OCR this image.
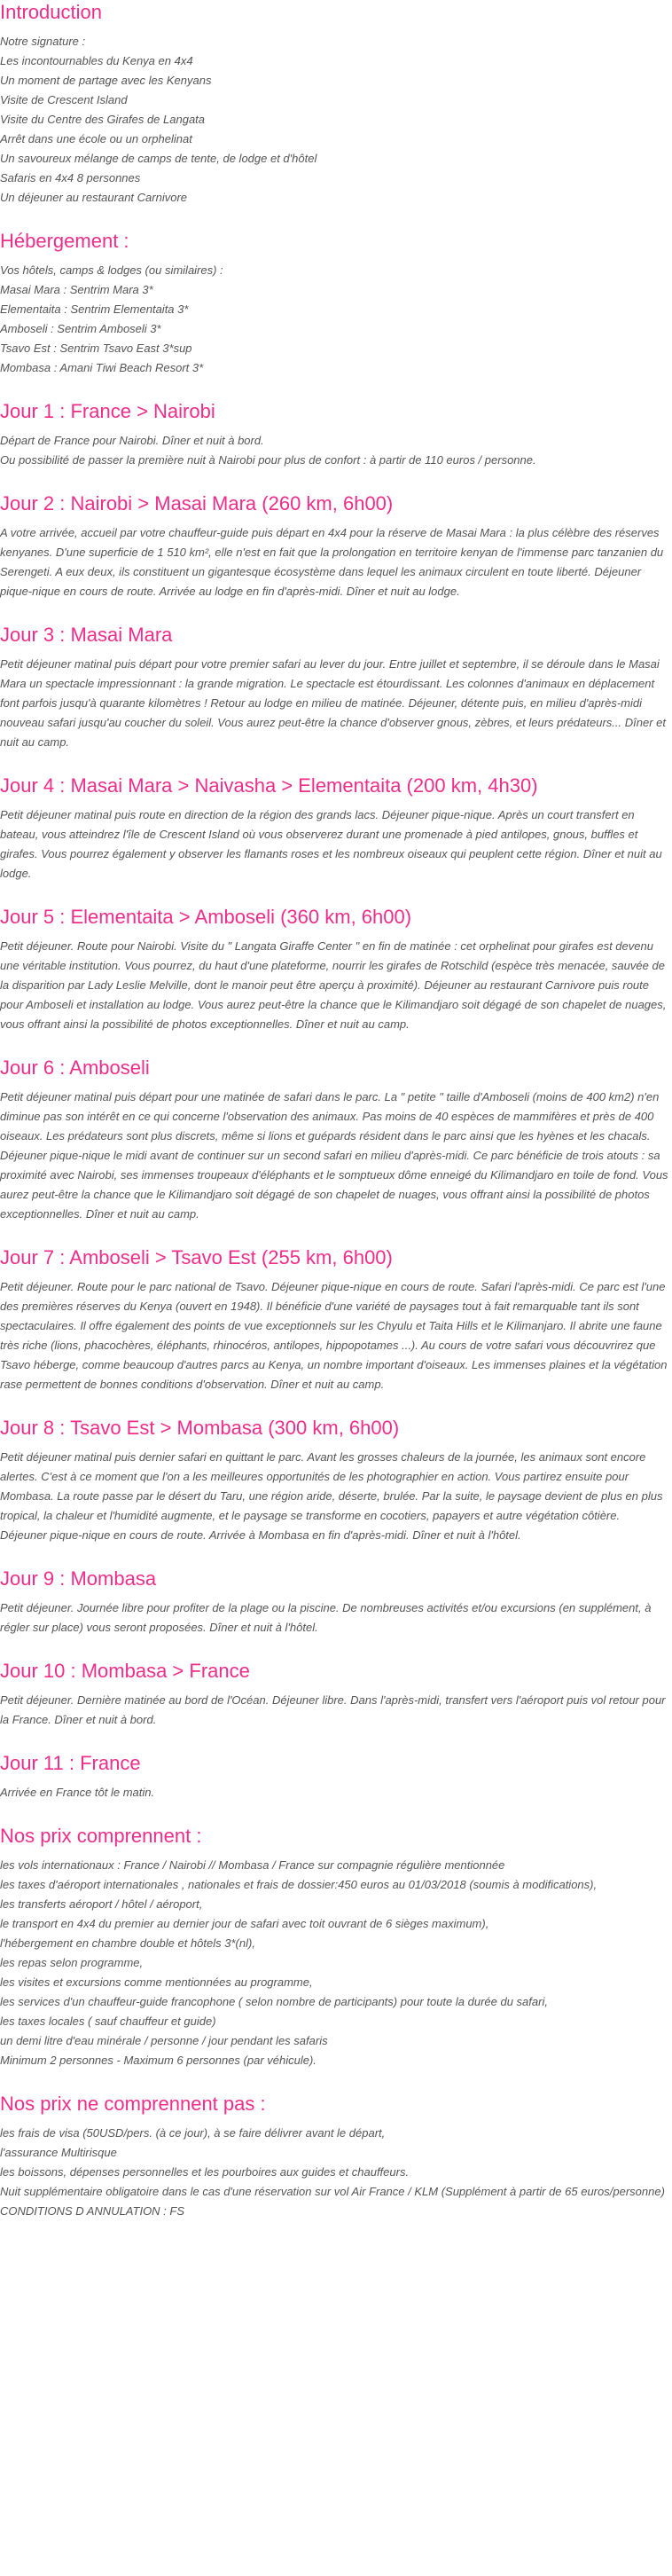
Introduction
Notre signature :
Les incontournables du Kenya en 4x4
Un moment de partage avec les Kenyans
Visite de Crescent Island
Visite du Centre des Girafes de Langata
Arrêt dans une école ou un orphelinat
Un savoureux mélange de camps de tente, de lodge et d'hôtel
Safaris en 4x4 8 personnes
Un déjeuner au restaurant Carnivore
Hébergement :
Vos hôtels, camps & lodges (ou similaires) :
Masai Mara : Sentrim Mara 3*
Elementaita : Sentrim Elementaita 3*
Amboseli : Sentrim Amboseli 3*
Tsavo Est : Sentrim Tsavo East 3*sup
Mombasa : Amani Tiwi Beach Resort 3*
Jour 1 : France > Nairobi
Départ de France pour Nairobi. Dîner et nuit à bord.
Ou possibilité de passer la première nuit à Nairobi pour plus de confort : à partir de 110 euros / personne.
Jour 2 : Nairobi > Masai Mara (260 km, 6h00)
A votre arrivée, accueil par votre chauffeur-guide puis départ en 4x4 pour la réserve de Masai Mara : la plus célèbre des réserves kenyanes. D'une superficie de 1 510 km², elle n'est en fait que la prolongation en territoire kenyan de l'immense parc tanzanien du Serengeti. A eux deux, ils constituent un gigantesque écosystème dans lequel les animaux circulent en toute liberté. Déjeuner pique-nique en cours de route. Arrivée au lodge en fin d'après-midi. Dîner et nuit au lodge.
Jour 3 : Masai Mara
Petit déjeuner matinal puis départ pour votre premier safari au lever du jour. Entre juillet et septembre, il se déroule dans le Masai Mara un spectacle impressionnant : la grande migration. Le spectacle est étourdissant. Les colonnes d'animaux en déplacement font parfois jusqu'à quarante kilomètres ! Retour au lodge en milieu de matinée. Déjeuner, détente puis, en milieu d'après-midi nouveau safari jusqu'au coucher du soleil. Vous aurez peut-être la chance d'observer gnous, zèbres, et leurs prédateurs... Dîner et nuit au camp.
Jour 4 : Masai Mara > Naivasha > Elementaita (200 km, 4h30)
Petit déjeuner matinal puis route en direction de la région des grands lacs. Déjeuner pique-nique. Après un court transfert en bateau, vous atteindrez l'île de Crescent Island où vous observerez durant une promenade à pied antilopes, gnous, buffles et girafes. Vous pourrez également y observer les flamants roses et les nombreux oiseaux qui peuplent cette région. Dîner et nuit au lodge.
Jour 5 : Elementaita > Amboseli (360 km, 6h00)
Petit déjeuner. Route pour Nairobi. Visite du " Langata Giraffe Center " en fin de matinée : cet orphelinat pour girafes est devenu une véritable institution. Vous pourrez, du haut d'une plateforme, nourrir les girafes de Rotschild (espèce très menacée, sauvée de la disparition par Lady Leslie Melville, dont le manoir peut être aperçu à proximité). Déjeuner au restaurant Carnivore puis route pour Amboseli et installation au lodge. Vous aurez peut-être la chance que le Kilimandjaro soit dégagé de son chapelet de nuages, vous offrant ainsi la possibilité de photos exceptionnelles. Dîner et nuit au camp.
Jour 6 : Amboseli
Petit déjeuner matinal puis départ pour une matinée de safari dans le parc. La " petite " taille d'Amboseli (moins de 400 km2) n'en diminue pas son intérêt en ce qui concerne l'observation des animaux. Pas moins de 40 espèces de mammifères et près de 400 oiseaux. Les prédateurs sont plus discrets, même si lions et guépards résident dans le parc ainsi que les hyènes et les chacals. Déjeuner pique-nique le midi avant de continuer sur un second safari en milieu d'après-midi. Ce parc bénéficie de trois atouts : sa proximité avec Nairobi, ses immenses troupeaux d'éléphants et le somptueux dôme enneigé du Kilimandjaro en toile de fond. Vous aurez peut-être la chance que le Kilimandjaro soit dégagé de son chapelet de nuages, vous offrant ainsi la possibilité de photos exceptionnelles. Dîner et nuit au camp.
Jour 7 : Amboseli > Tsavo Est (255 km, 6h00)
Petit déjeuner. Route pour le parc national de Tsavo. Déjeuner pique-nique en cours de route. Safari l'après-midi. Ce parc est l'une des premières réserves du Kenya (ouvert en 1948). Il bénéficie d'une variété de paysages tout à fait remarquable tant ils sont spectaculaires. Il offre également des points de vue exceptionnels sur les Chyulu et Taita Hills et le Kilimanjaro. Il abrite une faune très riche (lions, phacochères, éléphants, rhinocéros, antilopes, hippopotames ...). Au cours de votre safari vous découvrirez que Tsavo héberge, comme beaucoup d'autres parcs au Kenya, un nombre important d'oiseaux. Les immenses plaines et la végétation rase permettent de bonnes conditions d'observation. Dîner et nuit au camp.
Jour 8 : Tsavo Est > Mombasa (300 km, 6h00)
Petit déjeuner matinal puis dernier safari en quittant le parc. Avant les grosses chaleurs de la journée, les animaux sont encore alertes. C'est à ce moment que l'on a les meilleures opportunités de les photographier en action. Vous partirez ensuite pour Mombasa. La route passe par le désert du Taru, une région aride, déserte, brulée. Par la suite, le paysage devient de plus en plus tropical, la chaleur et l'humidité augmente, et le paysage se transforme en cocotiers, papayers et autre végétation côtière. Déjeuner pique-nique en cours de route. Arrivée à Mombasa en fin d'après-midi. Dîner et nuit à l'hôtel.
Jour 9 : Mombasa
Petit déjeuner. Journée libre pour profiter de la plage ou la piscine. De nombreuses activités et/ou excursions (en supplément, à régler sur place) vous seront proposées. Dîner et nuit à l'hôtel.
Jour 10 : Mombasa > France
Petit déjeuner. Dernière matinée au bord de l'Océan. Déjeuner libre. Dans l'après-midi, transfert vers l'aéroport puis vol retour pour la France. Dîner et nuit à bord.
Jour 11 : France
Arrivée en France tôt le matin.
Nos prix comprennent :
les vols internationaux : France / Nairobi // Mombasa / France sur compagnie régulière mentionnée
les taxes d'aéroport internationales , nationales et frais de dossier:450 euros au 01/03/2018 (soumis à modifications),
les transferts aéroport / hôtel / aéroport,
le transport en 4x4 du premier au dernier jour de safari avec toit ouvrant de 6 sièges maximum),
l'hébergement en chambre double et hôtels 3*(nl),
les repas selon programme,
les visites et excursions comme mentionnées au programme,
les services d'un chauffeur-guide francophone ( selon nombre de participants) pour toute la durée du safari,
les taxes locales ( sauf chauffeur et guide)
un demi litre d'eau minérale / personne / jour pendant les safaris
Minimum 2 personnes - Maximum 6 personnes (par véhicule).
Nos prix ne comprennent pas :
les frais de visa (50USD/pers. (à ce jour), à se faire délivrer avant le départ,
l'assurance Multirisque
les boissons, dépenses personnelles et les pourboires aux guides et chauffeurs.
Nuit supplémentaire obligatoire dans le cas d'une réservation sur vol Air France / KLM (Supplément à partir de 65 euros/personne)
CONDITIONS D ANNULATION : FS
